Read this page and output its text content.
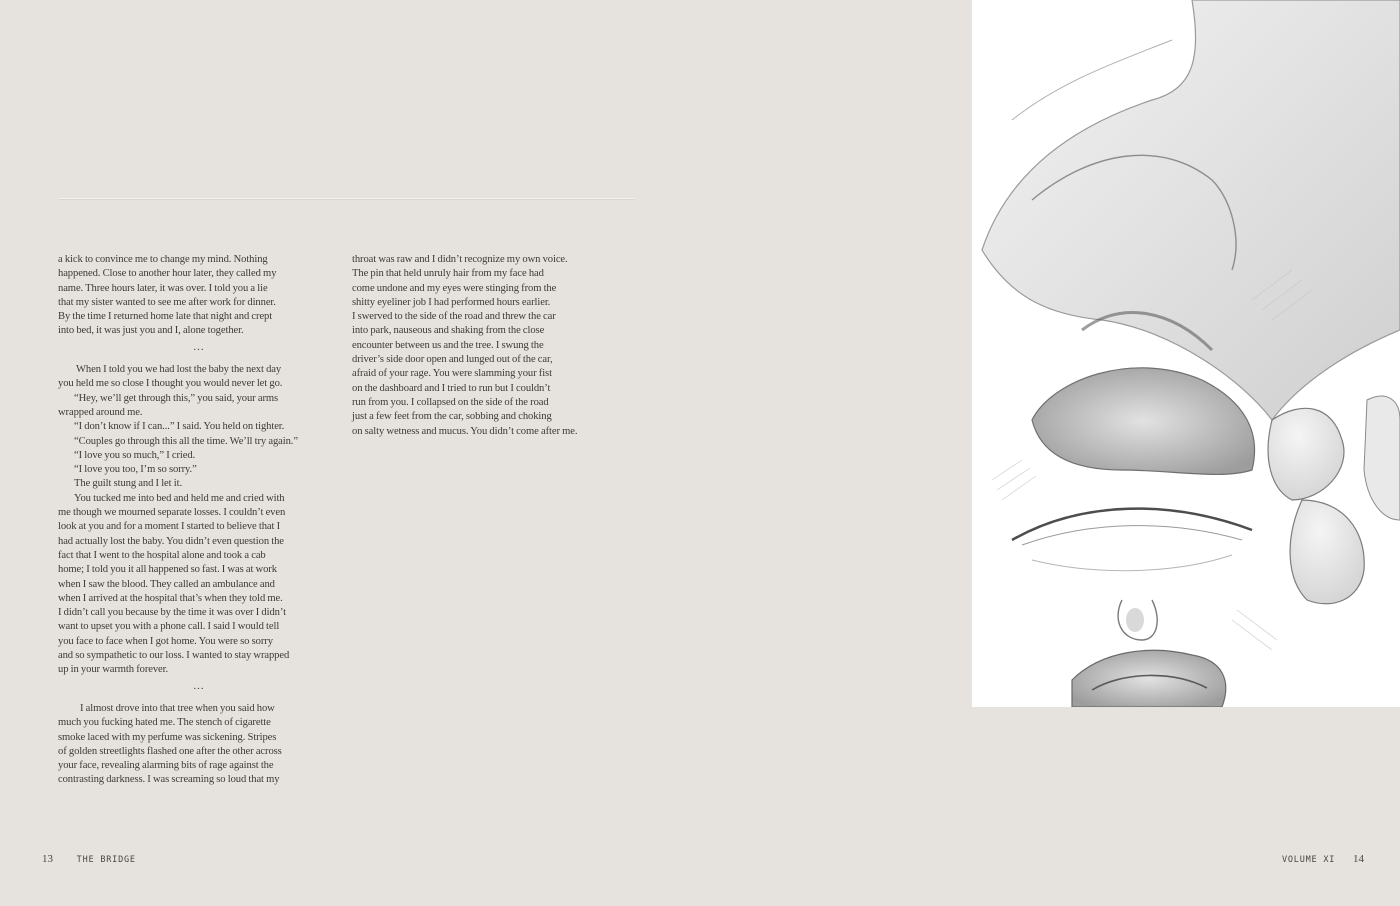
a kick to convince me to change my mind. Nothing
happened. Close to another hour later, they called my
name. Three hours later, it was over. I told you a lie
that my sister wanted to see me after work for dinner.
By the time I returned home late that night and crept
into bed, it was just you and I, alone together.
...
When I told you we had lost the baby the next day
you held me so close I thought you would never let go.
“Hey, we’ll get through this,” you said, your arms
wrapped around me.
“I don’t know if I can...” I said. You held on tighter.
“Couples go through this all the time. We’ll try again.”
“I love you so much,” I cried.
“I love you too, I’m so sorry.”
The guilt stung and I let it.
You tucked me into bed and held me and cried with
me though we mourned separate losses. I couldn’t even
look at you and for a moment I started to believe that I
had actually lost the baby. You didn’t even question the
fact that I went to the hospital alone and took a cab
home; I told you it all happened so fast. I was at work
when I saw the blood. They called an ambulance and
when I arrived at the hospital that’s when they told me.
I didn’t call you because by the time it was over I didn’t
want to upset you with a phone call. I said I would tell
you face to face when I got home. You were so sorry
and so sympathetic to our loss. I wanted to stay wrapped
up in your warmth forever.
...
I almost drove into that tree when you said how
much you fucking hated me. The stench of cigarette
smoke laced with my perfume was sickening. Stripes
of golden streetlights flashed one after the other across
your face, revealing alarming bits of rage against the
contrasting darkness. I was screaming so loud that my
throat was raw and I didn’t recognize my own voice.
The pin that held unruly hair from my face had
come undone and my eyes were stinging from the
shitty eyeliner job I had performed hours earlier.
I swerved to the side of the road and threw the car
into park, nauseous and shaking from the close
encounter between us and the tree. I swung the
driver’s side door open and lunged out of the car,
afraid of your rage. You were slamming your fist
on the dashboard and I tried to run but I couldn’t
run from you. I collapsed on the side of the road
just a few feet from the car, sobbing and choking
on salty wetness and mucus. You didn’t come after me.
13	THE BRIDGE	VOLUME XI 14
